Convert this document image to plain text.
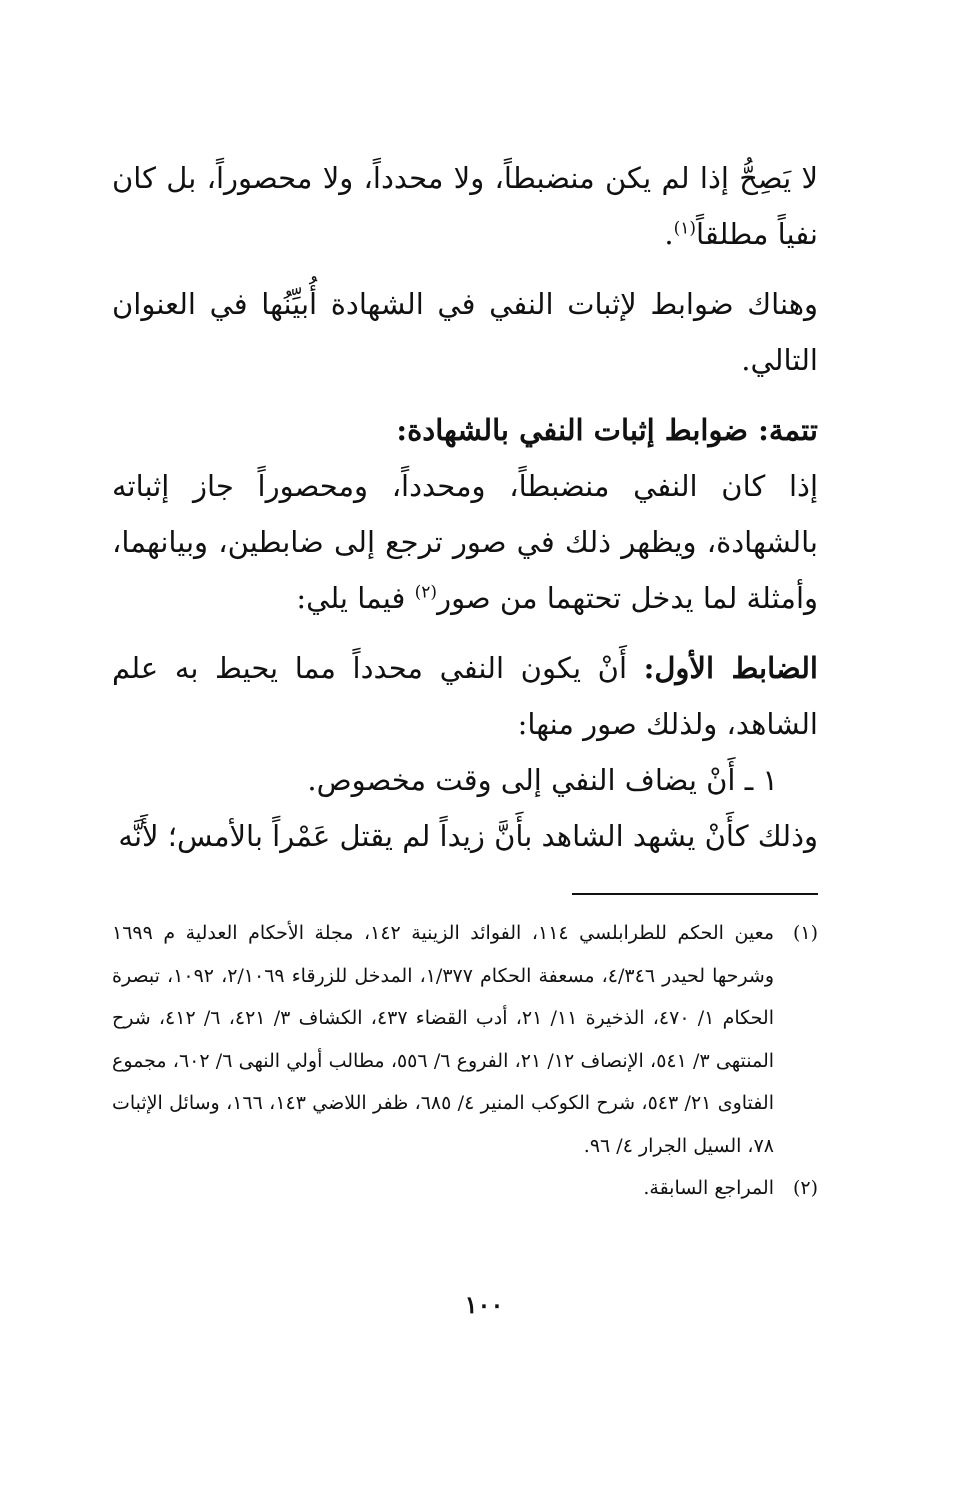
لا يَصِحُّ إذا لم يكن منضبطاً، ولا محدداً، ولا محصوراً، بل كان نفياً مطلقاً$^{(١)}$.

وهناك ضوابط لإثبات النفي في الشهادة أُبيِّنُها في العنوان التالي.

تتمة: ضوابط إثبات النفي بالشهادة:

إذا كان النفي منضبطاً، ومحدداً، ومحصوراً جاز إثباته بالشهادة، ويظهر ذلك في صور ترجع إلى ضابطين، وبيانهما، وأمثلة لما يدخل تحتهما من صور$^{(٢)}$ فيما يلي:

الضابط الأول: أَنْ يكون النفي محدداً مما يحيط به علم الشاهد، ولذلك صور منها:

١ ـ أَنْ يضاف النفي إلى وقت مخصوص.

وذلك كأَنْ يشهد الشاهد بأَنَّ زيداً لم يقتل عَمْراً بالأمس؛ لأَنَّه

(١)
معين الحكم للطرابلسي ١١٤، الفوائد الزينية ١٤٢، مجلة الأحكام العدلية م ١٦٩٩ وشرحها لحيدر ٤/٣٤٦، مسعفة الحكام ١/٣٧٧، المدخل للزرقاء ٢/١٠٦٩، ١٠٩٢، تبصرة الحكام ١/ ٤٧٠، الذخيرة ١١/ ٢١، أدب القضاء ٤٣٧، الكشاف ٣/ ٤٢١، ٦/ ٤١٢، شرح المنتهى ٣/ ٥٤١، الإنصاف ١٢/ ٢١، الفروع ٦/ ٥٥٦، مطالب أولي النهى ٦/ ٦٠٢، مجموع الفتاوى ٢١/ ٥٤٣، شرح الكوكب المنير ٤/ ٦٨٥، ظفر اللاضي ١٤٣، ١٦٦، وسائل الإثبات ٧٨، السيل الجرار ٤/ ٩٦.

(٢)
المراجع السابقة.

١٠٠
